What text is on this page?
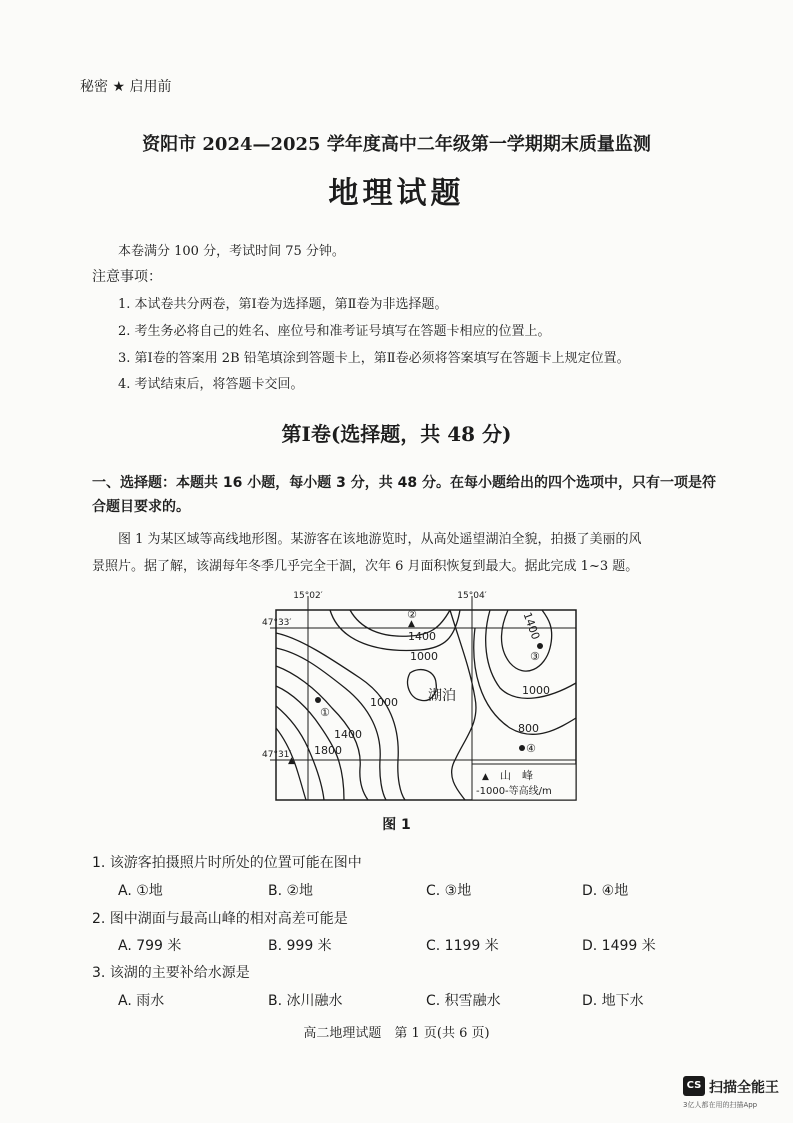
秘密 ★ 启用前
资阳市 2024—2025 学年度高中二年级第一学期期末质量监测
地理试题
本卷满分 100 分，考试时间 75 分钟。
注意事项：
1. 本试卷共分两卷，第Ⅰ卷为选择题，第Ⅱ卷为非选择题。
2. 考生务必将自己的姓名、座位号和准考证号填写在答题卡相应的位置上。
3. 第Ⅰ卷的答案用 2B 铅笔填涂到答题卡上，第Ⅱ卷必须将答案填写在答题卡上规定位置。
4. 考试结束后，将答题卡交回。
第Ⅰ卷(选择题，共 48 分)
一、选择题：本题共 16 小题，每小题 3 分，共 48 分。在每小题给出的四个选项中，只有一项是符
合题目要求的。
图 1 为某区域等高线地形图。某游客在该地游览时，从高处遥望湖泊全貌，拍摄了美丽的风
景照片。据了解，该湖每年冬季几乎完全干涸，次年 6 月面积恢复到最大。据此完成 1~3 题。
15°02′	15°04′
47°33′
47°31′
1400	1400
1000
1000
1000
1400
1800
800
湖泊
①
②
▲
③
④
▲
▲ 山　峰
-1000-等高线/m
图 1
1. 该游客拍摄照片时所处的位置可能在图中
A. ①地	B. ②地	C. ③地	D. ④地
2. 图中湖面与最高山峰的相对高差可能是
A. 799 米	B. 999 米	C. 1199 米	D. 1499 米
3. 该湖的主要补给水源是
A. 雨水	B. 冰川融水	C. 积雪融水	D. 地下水
高二地理试题　第 1 页(共 6 页)
CS 扫描全能王
3亿人都在用的扫描App
